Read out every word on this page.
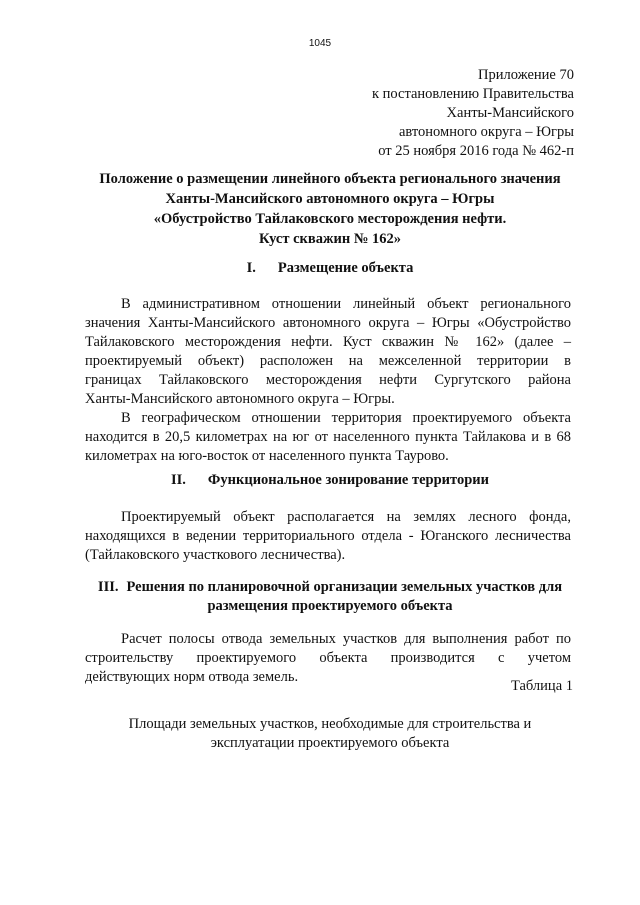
1045
Приложение 70
к постановлению Правительства
Ханты-Мансийского
автономного округа – Югры
от 25 ноября 2016 года № 462-п
Положение о размещении линейного объекта регионального значения
Ханты-Мансийского автономного округа – Югры
«Обустройство Тайлаковского месторождения нефти.
Куст скважин № 162»
I. Размещение объекта
В административном отношении линейный объект регионального
значения Ханты-Мансийского автономного округа – Югры «Обустройство
Тайлаковского месторождения нефти. Куст скважин № 162» (далее –
проектируемый объект) расположен на межселенной территории в
границах Тайлаковского месторождения нефти Сургутского района
Ханты-Мансийского автономного округа – Югры.
В географическом отношении территория проектируемого объекта
находится в 20,5 километрах на юг от населенного пункта Тайлакова и в 68
километрах на юго-восток от населенного пункта Таурово.
II. Функциональное зонирование территории
Проектируемый объект располагается на землях лесного фонда,
находящихся в ведении территориального отдела - Юганского лесничества
(Тайлаковского участкового лесничества).
III. Решения по планировочной организации земельных участков для
размещения проектируемого объекта
Расчет полосы отвода земельных участков для выполнения работ по
строительству проектируемого объекта производится с учетом
действующих норм отвода земель.
Таблица 1
Площади земельных участков, необходимые для строительства и
эксплуатации проектируемого объекта
